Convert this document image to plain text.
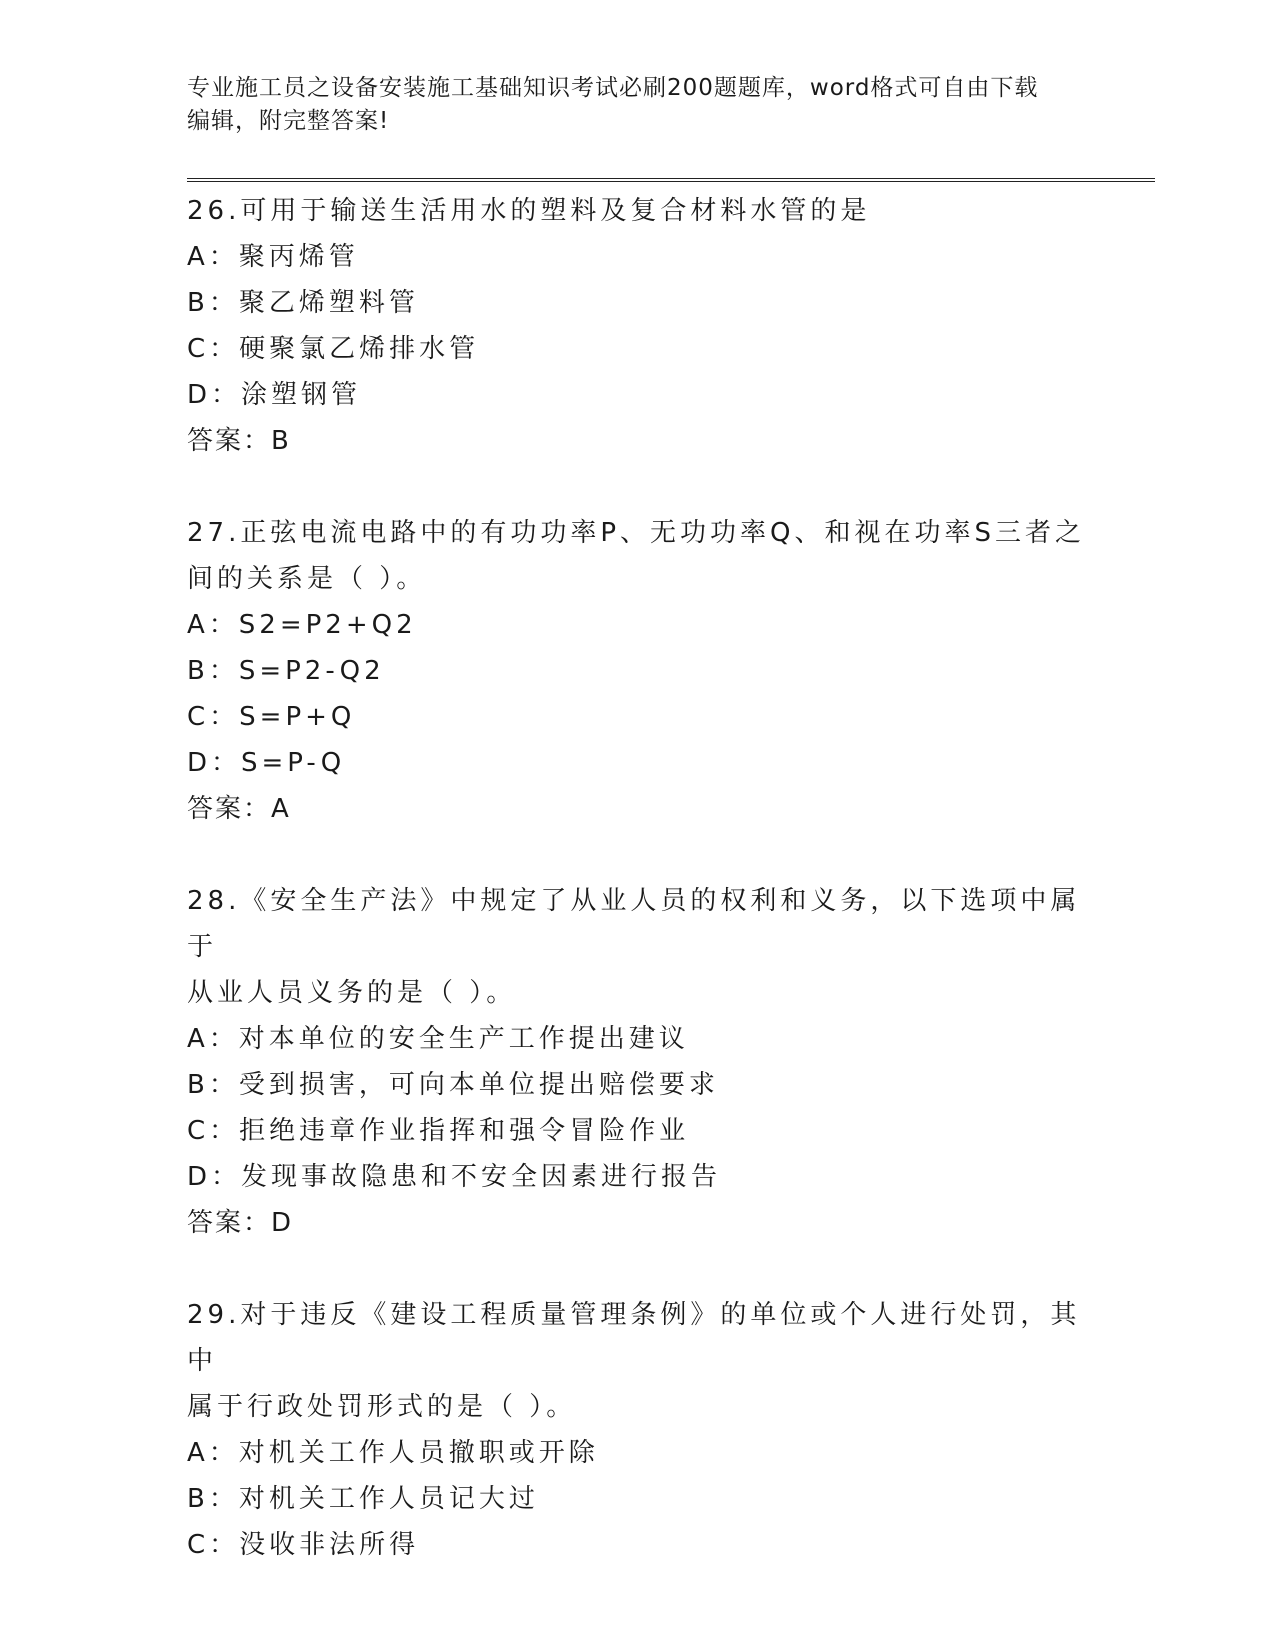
专业施工员之设备安装施工基础知识考试必刷200题题库，word格式可自由下载
编辑，附完整答案!

26.可用于输送生活用水的塑料及复合材料水管的是

A：聚丙烯管

B：聚乙烯塑料管

C：硬聚氯乙烯排水管

D：涂塑钢管

答案：B

27.正弦电流电路中的有功功率P、无功功率Q、和视在功率S三者之

间的关系是（ ）。

A：S2=P2+Q2

B：S=P2-Q2

C：S=P+Q

D：S=P-Q

答案：A

28.《安全生产法》中规定了从业人员的权利和义务，以下选项中属于

从业人员义务的是（ ）。

A：对本单位的安全生产工作提出建议

B：受到损害，可向本单位提出赔偿要求

C：拒绝违章作业指挥和强令冒险作业

D：发现事故隐患和不安全因素进行报告

答案：D

29.对于违反《建设工程质量管理条例》的单位或个人进行处罚，其中

属于行政处罚形式的是（ ）。

A：对机关工作人员撤职或开除

B：对机关工作人员记大过

C：没收非法所得
